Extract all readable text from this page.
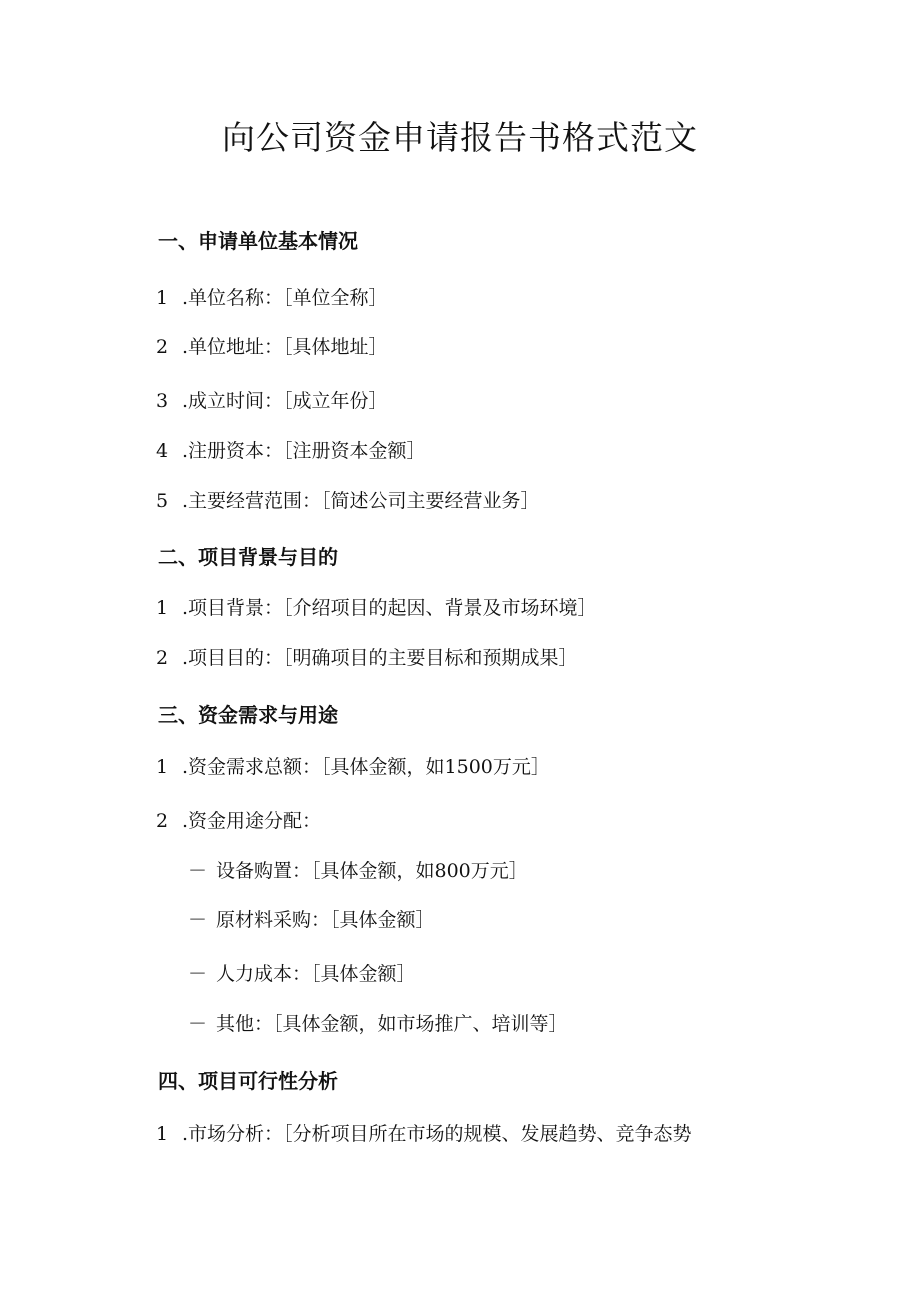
向公司资金申请报告书格式范文
一、申请单位基本情况
1 .单位名称：［单位全称］
2 .单位地址：［具体地址］
3 .成立时间：［成立年份］
4 .注册资本：［注册资本金额］
5 .主要经营范围：［简述公司主要经营业务］
二、项目背景与目的
1 .项目背景：［介绍项目的起因、背景及市场环境］
2 .项目目的：［明确项目的主要目标和预期成果］
三、资金需求与用途
1 .资金需求总额：［具体金额，如1500万元］
2 .资金用途分配：
－ 设备购置：［具体金额，如800万元］
－ 原材料采购：［具体金额］
－ 人力成本：［具体金额］
－ 其他：［具体金额，如市场推广、培训等］
四、项目可行性分析
1 .市场分析：［分析项目所在市场的规模、发展趋势、竞争态势
